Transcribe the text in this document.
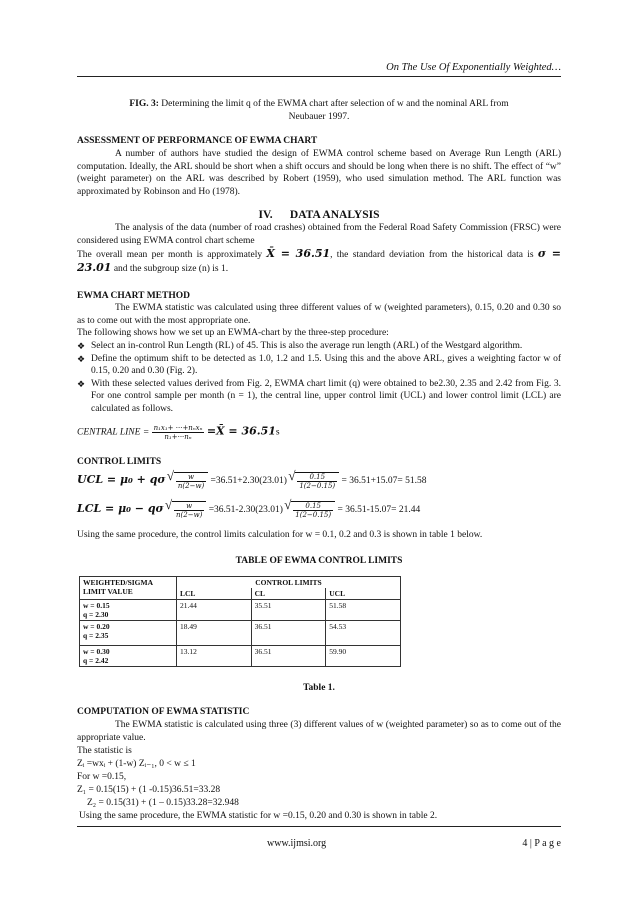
On The Use Of Exponentially Weighted…
FIG. 3: Determining the limit q of the EWMA chart after selection of w and the nominal ARL from
Neubauer 1997.
ASSESSMENT OF PERFORMANCE OF EWMA CHART
A number of authors have studied the design of EWMA control scheme based on Average Run Length (ARL) computation. Ideally, the ARL should be short when a shift occurs and should be long when there is no shift. The effect of “w” (weight parameter) on the ARL was described by Robert (1959), who used simulation method. The ARL function was approximated by Robinson and Ho (1978).
IV. DATA ANALYSIS
The analysis of the data (number of road crashes) obtained from the Federal Road Safety Commission (FRSC) were considered using EWMA control chart scheme
The overall mean per month is approximately X̄ = 36.51, the standard deviation from the historical data is σ = 23.01 and the subgroup size (n) is 1.
EWMA CHART METHOD
The EWMA statistic was calculated using three different values of w (weighted parameters), 0.15, 0.20 and 0.30 so as to come out with the most appropriate one.
The following shows how we set up an EWMA-chart by the three-step procedure:
❖ Select an in-control Run Length (RL) of 45. This is also the average run length (ARL) of the Westgard algorithm.
❖ Define the optimum shift to be detected as 1.0, 1.2 and 1.5. Using this and the above ARL, gives a weighting factor w of 0.15, 0.20 and 0.30 (Fig. 2).
❖ With these selected values derived from Fig. 2, EWMA chart limit (q) were obtained to be2.30, 2.35 and 2.42 from Fig. 3. For one control sample per month (n = 1), the central line, upper control limit (UCL) and lower control limit (LCL) are calculated as follows.
CENTRAL LINE = $\frac{\text{n₁x₁+ ···+nₙxₙ}}{\text{n₁+···nₙ}}$ =X̄ = 36.51s
CONTROL LIMITS
UCL = μ₀ + qσ √ $\frac{w}{n(2-w)} =36.51+2.30(23.01)$ √ $\frac{0.15}{1(2-0.15)} = 36.51+15.07= 51.58$
LCL = μ₀ − qσ √ $\frac{w}{n(2-w)} =36.51-2.30(23.01)$ √ $\frac{0.15}{1(2-0.15)} = 36.51-15.07= 21.44$
Using the same procedure, the control limits calculation for w = 0.1, 0.2 and 0.3 is shown in table 1 below.
TABLE OF EWMA CONTROL LIMITS
WEIGHTED/SIGMA
LIMIT VALUE	CONTROL LIMITS		
	LCL	CL	UCL
w = 0.15
q = 2.30	21.44	35.51	51.58
w = 0.20
q = 2.35	18.49	36.51	54.53
w = 0.30
q = 2.42	13.12	36.51	59.90
Table 1.
COMPUTATION OF EWMA STATISTIC
The EWMA statistic is calculated using three (3) different values of w (weighted parameter) so as to come out of the appropriate value.
The statistic is
Zᵢ =wxᵢ + (1-w) Zᵢ₋₁, 0 < w ≤ 1
For w =0.15,
Z₁ = 0.15(15) + (1 -0.15)36.51=33.28
Z₂ = 0.15(31) + (1 – 0.15)33.28=32.948
Using the same procedure, the EWMA statistic for w =0.15, 0.20 and 0.30 is shown in table 2.
www.ijmsi.org	4 | P a g e
